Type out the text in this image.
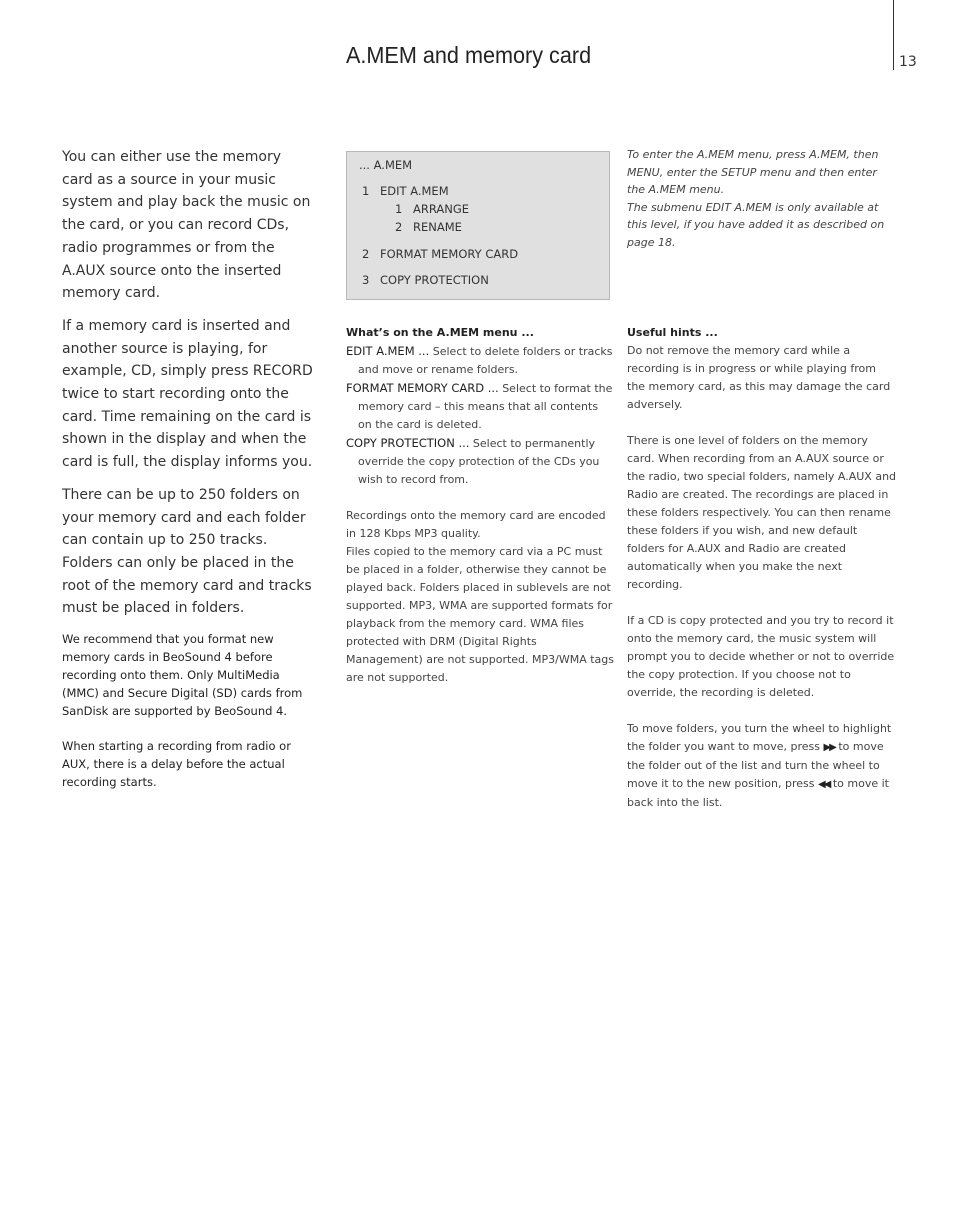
13
A.MEM and memory card

You can either use the memory card as a source in your music system and play back the music on the card, or you can record CDs, radio programmes or from the A.AUX source onto the inserted memory card.

If a memory card is inserted and another source is playing, for example, CD, simply press RECORD twice to start recording onto the card. Time remaining on the card is shown in the display and when the card is full, the display informs you.

There can be up to 250 folders on your memory card and each folder can contain up to 250 tracks. Folders can only be placed in the root of the memory card and tracks must be placed in folders.

We recommend that you format new memory cards in BeoSound 4 before recording onto them. Only MultiMedia (MMC) and Secure Digital (SD) cards from SanDisk are supported by BeoSound 4.

When starting a recording from radio or AUX, there is a delay before the actual recording starts.

... A.MEM
1 EDIT A.MEM
1 ARRANGE
2 RENAME
2 FORMAT MEMORY CARD
3 COPY PROTECTION

What’s on the A.MEM menu ...

EDIT A.MEM ... Select to delete folders or tracks and move or rename folders.

FORMAT MEMORY CARD ... Select to format the memory card – this means that all contents on the card is deleted.

COPY PROTECTION ... Select to permanently override the copy protection of the CDs you wish to record from.

Recordings onto the memory card are encoded in 128 Kbps MP3 quality.

Files copied to the memory card via a PC must be placed in a folder, otherwise they cannot be played back. Folders placed in sublevels are not supported. MP3, WMA are supported formats for playback from the memory card. WMA files protected with DRM (Digital Rights Management) are not supported. MP3/WMA tags are not supported.

To enter the A.MEM menu, press A.MEM, then MENU, enter the SETUP menu and then enter the A.MEM menu.

The submenu EDIT A.MEM is only available at this level, if you have added it as described on page 18.

Useful hints ...

Do not remove the memory card while a recording is in progress or while playing from the memory card, as this may damage the card adversely.

There is one level of folders on the memory card. When recording from an A.AUX source or the radio, two special folders, namely A.AUX and Radio are created. The recordings are placed in these folders respectively. You can then rename these folders if you wish, and new default folders for A.AUX and Radio are created automatically when you make the next recording.

If a CD is copy protected and you try to record it onto the memory card, the music system will prompt you to decide whether or not to override the copy protection. If you choose not to override, the recording is deleted.

To move folders, you turn the wheel to highlight the folder you want to move, press ▶▶ to move the folder out of the list and turn the wheel to move it to the new position, press ◀◀ to move it back into the list.
